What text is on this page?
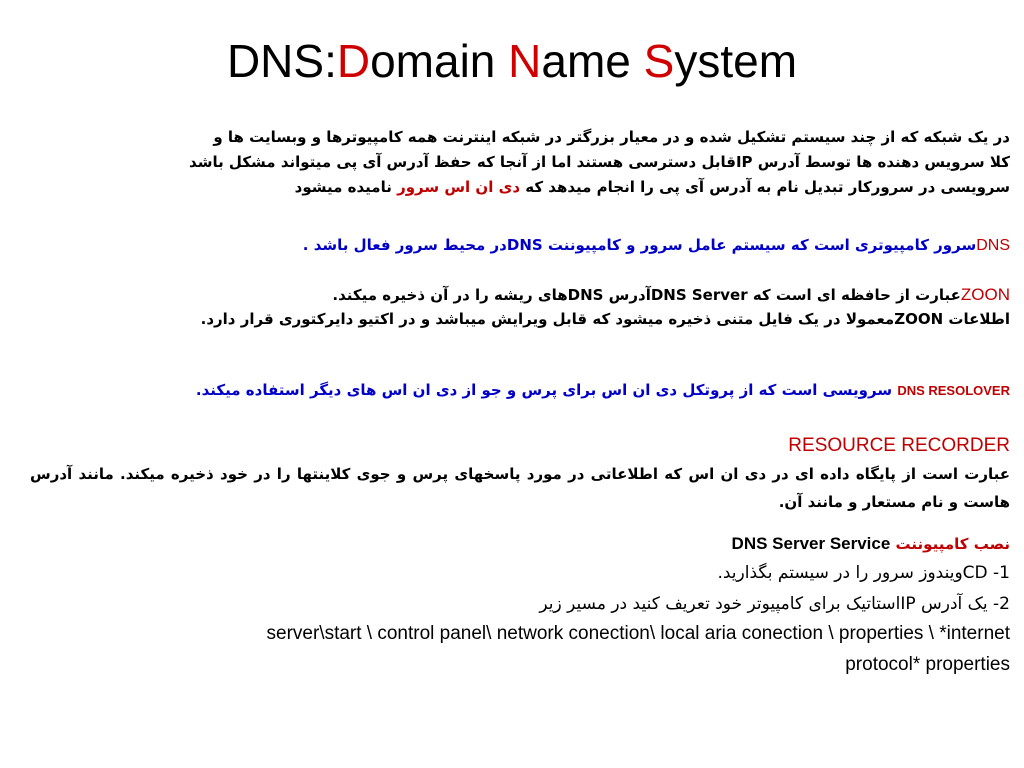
DNS:Domain Name System
در یک شبکه که از چند سیستم تشکیل شده و در معیار بزرگتر در شبکه اینترنت همه کامپیوترها و وبسایت ها و
کلا سرویس دهنده ها توسط آدرس IPقابل دسترسی هستند اما از آنجا که حفظ آدرس آی پی میتواند مشکل باشد
سرویسی در سرورکار تبدیل نام به آدرس آی پی را انجام میدهد که دی ان اس سرور نامیده میشود
DNSسرور کامپیوتری است که سیستم عامل سرور و کامپیوننت DNSدر محیط سرور فعال باشد .
ZOONعبارت از حافظه ای است که DNS Serverآدرس DNSهای ریشه را در آن ذخیره میکند.
اطلاعات ZOONمعمولا در یک فایل متنی ذخیره میشود که قابل ویرایش میباشد و در اکتیو دایرکتوری قرار دارد.
DNS RESOLOVER سرویسی است که از پروتکل دی ان اس برای پرس و جو از دی ان اس های دیگر استفاده میکند.
RESOURCE RECORDER
عبارت است از پایگاه داده ای در دی ان اس که اطلاعاتی در مورد پاسخهای پرس و جوی کلاینتها را در خود ذخیره میکند. مانند آدرس هاست و نام مستعار و مانند آن.
نصب کامپیوننت DNS Server Service
CD -1ویندوز سرور را در سیستم بگذارید.
2- یک آدرس IPاستاتیک برای کامپیوتر خود تعریف کنید در مسیر زیر
server\start \ control panel\ network conection\ local aria conection \ properties \ *internet
protocol* properties
